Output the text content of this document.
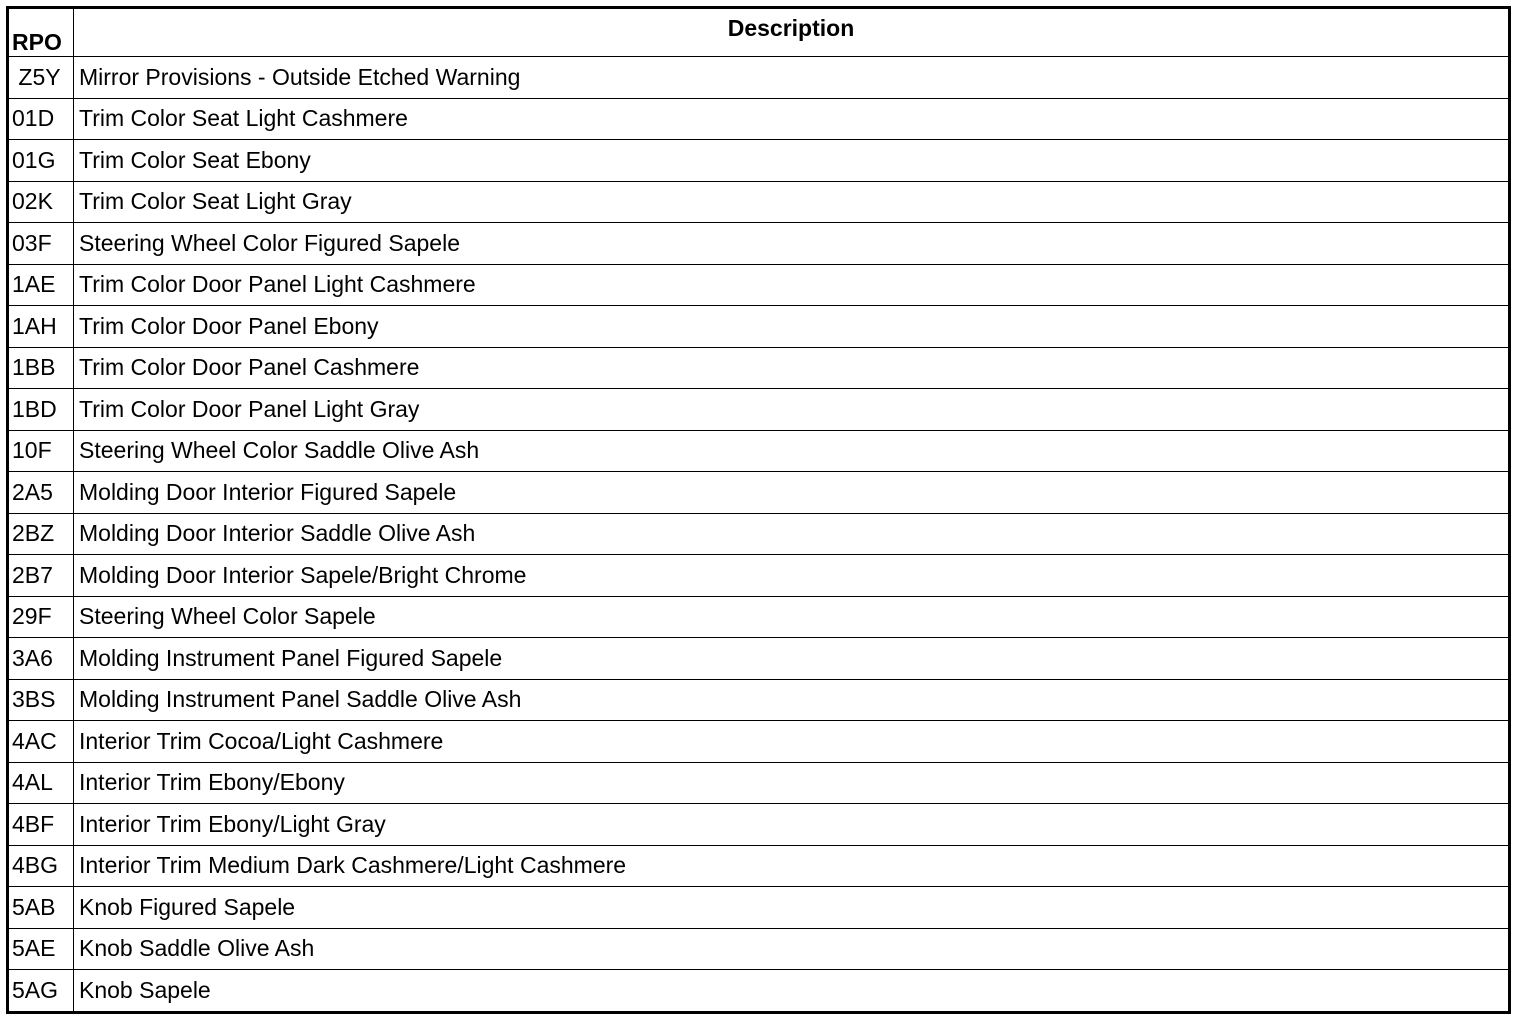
RPO	Description
Z5Y	Mirror Provisions - Outside Etched Warning
01D	Trim Color Seat Light Cashmere
01G	Trim Color Seat Ebony
02K	Trim Color Seat Light Gray
03F	Steering Wheel Color Figured Sapele
1AE	Trim Color Door Panel Light Cashmere
1AH	Trim Color Door Panel Ebony
1BB	Trim Color Door Panel Cashmere
1BD	Trim Color Door Panel Light Gray
10F	Steering Wheel Color Saddle Olive Ash
2A5	Molding Door Interior Figured Sapele
2BZ	Molding Door Interior Saddle Olive Ash
2B7	Molding Door Interior Sapele/Bright Chrome
29F	Steering Wheel Color Sapele
3A6	Molding Instrument Panel Figured Sapele
3BS	Molding Instrument Panel Saddle Olive Ash
4AC	Interior Trim Cocoa/Light Cashmere
4AL	Interior Trim Ebony/Ebony
4BF	Interior Trim Ebony/Light Gray
4BG	Interior Trim Medium Dark Cashmere/Light Cashmere
5AB	Knob Figured Sapele
5AE	Knob Saddle Olive Ash
5AG	Knob Sapele
